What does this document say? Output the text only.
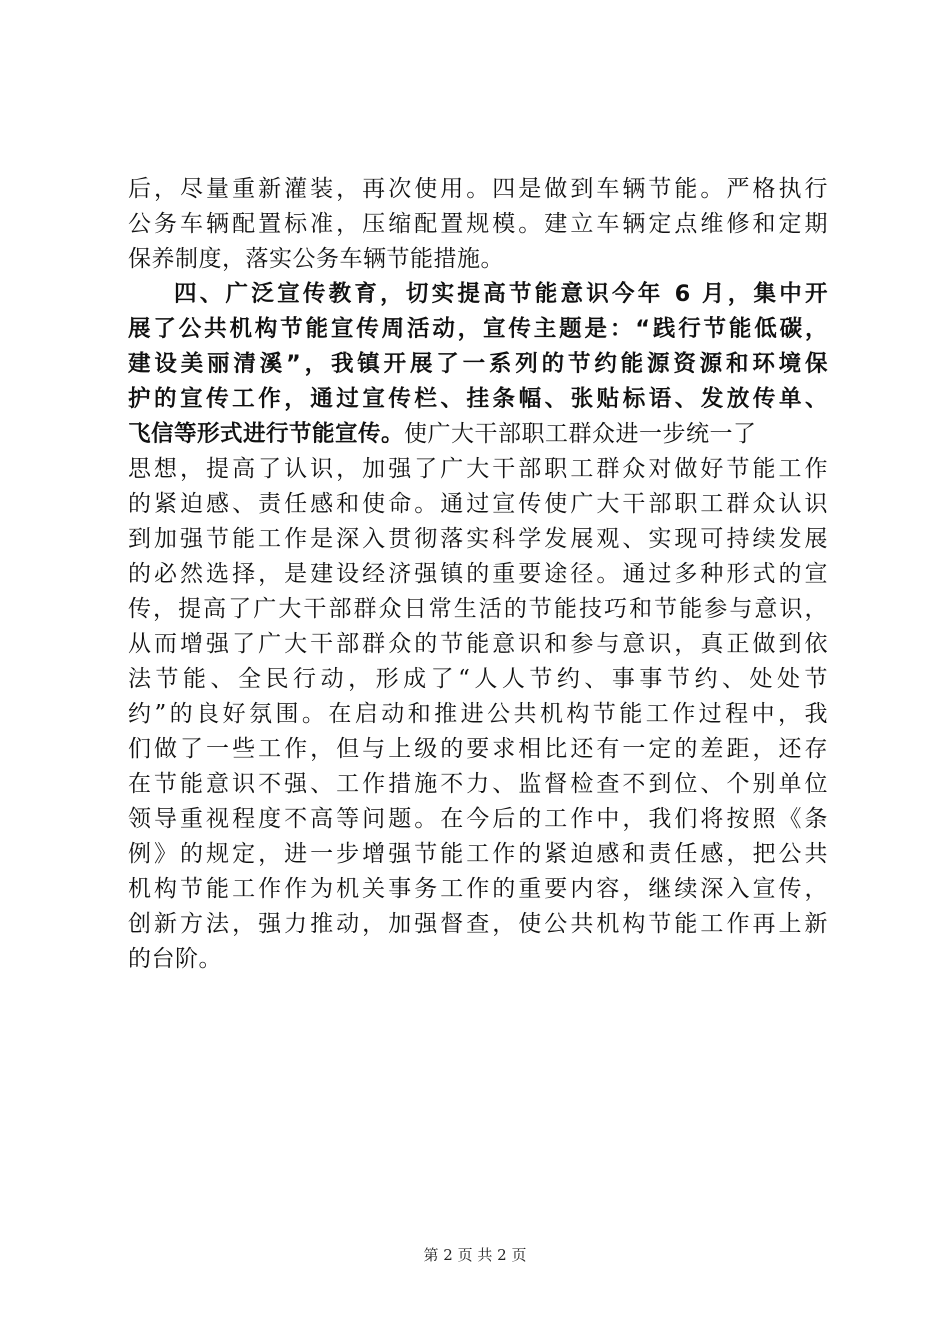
后，尽量重新灌装，再次使用。四是做到车辆节能。严格执行
公务车辆配置标准，压缩配置规模。建立车辆定点维修和定期
保养制度，落实公务车辆节能措施。
四、广泛宣传教育，切实提高节能意识今年 6 月，集中开
展了公共机构节能宣传周活动，宣传主题是：“践行节能低碳，
建设美丽清溪”，我镇开展了一系列的节约能源资源和环境保
护的宣传工作，通过宣传栏、挂条幅、张贴标语、发放传单、
飞信等形式进行节能宣传。使广大干部职工群众进一步统一了
思想，提高了认识，加强了广大干部职工群众对做好节能工作
的紧迫感、责任感和使命。通过宣传使广大干部职工群众认识
到加强节能工作是深入贯彻落实科学发展观、实现可持续发展
的必然选择，是建设经济强镇的重要途径。通过多种形式的宣
传，提高了广大干部群众日常生活的节能技巧和节能参与意识，
从而增强了广大干部群众的节能意识和参与意识，真正做到依
法节能、全民行动，形成了“人人节约、事事节约、处处节
约”的良好氛围。在启动和推进公共机构节能工作过程中，我
们做了一些工作，但与上级的要求相比还有一定的差距，还存
在节能意识不强、工作措施不力、监督检查不到位、个别单位
领导重视程度不高等问题。在今后的工作中，我们将按照《条
例》的规定，进一步增强节能工作的紧迫感和责任感，把公共
机构节能工作作为机关事务工作的重要内容，继续深入宣传，
创新方法，强力推动，加强督查，使公共机构节能工作再上新
的台阶。
第 2 页 共 2 页
